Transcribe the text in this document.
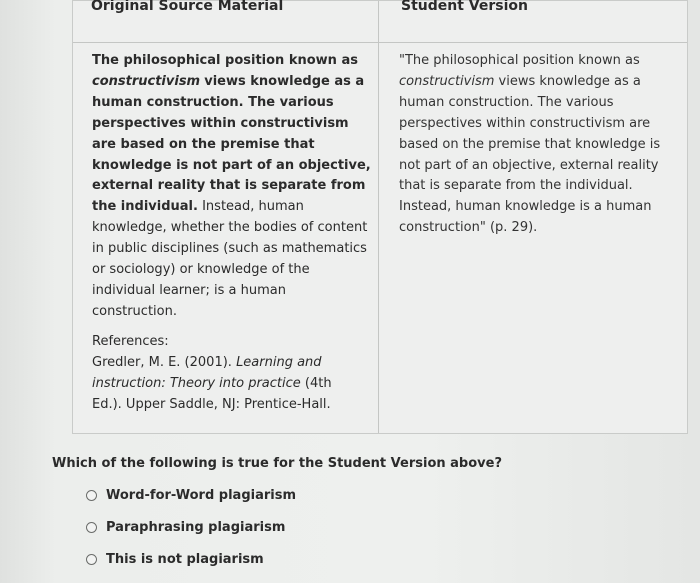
Original Source Material	Student Version
The philosophical position known as constructivism views knowledge as a human construction. The various perspectives within constructivism are based on the premise that knowledge is not part of an objective, external reality that is separate from the individual. Instead, human knowledge, whether the bodies of content in public disciplines (such as mathematics or sociology) or knowledge of the individual learner; is a human construction.
References:
Gredler, M. E. (2001). Learning and instruction: Theory into practice (4th Ed.). Upper Saddle, NJ: Prentice-Hall.
"The philosophical position known as constructivism views knowledge as a human construction. The various perspectives within constructivism are based on the premise that knowledge is not part of an objective, external reality that is separate from the individual. Instead, human knowledge is a human construction" (p. 29).
Which of the following is true for the Student Version above?
Word-for-Word plagiarism
Paraphrasing plagiarism
This is not plagiarism
